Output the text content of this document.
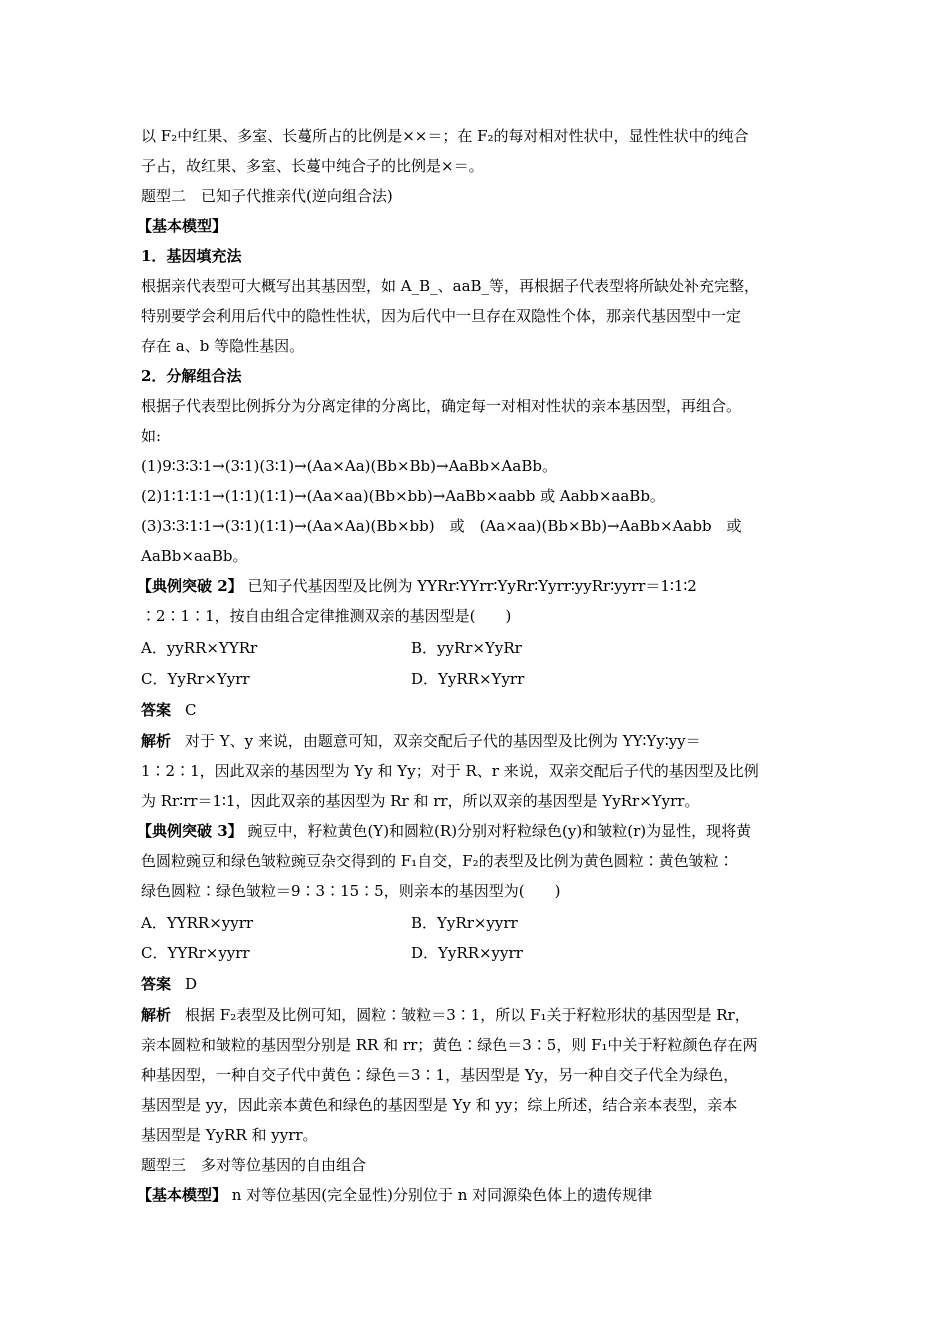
以 F₂中红果、多室、长蔓所占的比例是××＝；在 F₂的每对相对性状中，显性性状中的纯合
子占，故红果、多室、长蔓中纯合子的比例是×＝。
题型二　已知子代推亲代(逆向组合法)
【基本模型】
1．基因填充法
根据亲代表型可大概写出其基因型，如 A_B_、aaB_等，再根据子代表型将所缺处补充完整，
特别要学会利用后代中的隐性性状，因为后代中一旦存在双隐性个体，那亲代基因型中一定
存在 a、b 等隐性基因。
2．分解组合法
根据子代表型比例拆分为分离定律的分离比，确定每一对相对性状的亲本基因型，再组合。
如:
(1)9∶3∶3∶1→(3∶1)(3∶1)→(Aa×Aa)(Bb×Bb)→AaBb×AaBb。
(2)1∶1∶1∶1→(1∶1)(1∶1)→(Aa×aa)(Bb×bb)→AaBb×aabb 或 Aabb×aaBb。
(3)3∶3∶1∶1→(3∶1)(1∶1)→(Aa×Aa)(Bb×bb)　或　(Aa×aa)(Bb×Bb)→AaBb×Aabb　或
AaBb×aaBb。
【典例突破 2】 已知子代基因型及比例为 YYRr∶YYrr∶YyRr∶Yyrr∶yyRr∶yyrr＝1∶1∶2
∶2∶1∶1，按自由组合定律推测双亲的基因型是(　　)
A．yyRR×YYRr	B．yyRr×YyRr
C．YyRr×Yyrr	D．YyRR×Yyrr
答案 C
解析 对于 Y、y 来说，由题意可知，双亲交配后子代的基因型及比例为 YY∶Yy∶yy＝
1∶2∶1，因此双亲的基因型为 Yy 和 Yy；对于 R、r 来说，双亲交配后子代的基因型及比例
为 Rr∶rr＝1∶1，因此双亲的基因型为 Rr 和 rr，所以双亲的基因型是 YyRr×Yyrr。
【典例突破 3】 豌豆中，籽粒黄色(Y)和圆粒(R)分别对籽粒绿色(y)和皱粒(r)为显性，现将黄
色圆粒豌豆和绿色皱粒豌豆杂交得到的 F₁自交，F₂的表型及比例为黄色圆粒∶黄色皱粒∶
绿色圆粒∶绿色皱粒＝9∶3∶15∶5，则亲本的基因型为(　　)
A．YYRR×yyrr	B．YyRr×yyrr
C．YYRr×yyrr	D．YyRR×yyrr
答案 D
解析 根据 F₂表型及比例可知，圆粒∶皱粒＝3∶1，所以 F₁关于籽粒形状的基因型是 Rr，
亲本圆粒和皱粒的基因型分别是 RR 和 rr；黄色∶绿色＝3∶5，则 F₁中关于籽粒颜色存在两
种基因型，一种自交子代中黄色∶绿色＝3∶1，基因型是 Yy，另一种自交子代全为绿色，
基因型是 yy，因此亲本黄色和绿色的基因型是 Yy 和 yy；综上所述，结合亲本表型，亲本
基因型是 YyRR 和 yyrr。
题型三　多对等位基因的自由组合
【基本模型】 n 对等位基因(完全显性)分别位于 n 对同源染色体上的遗传规律
